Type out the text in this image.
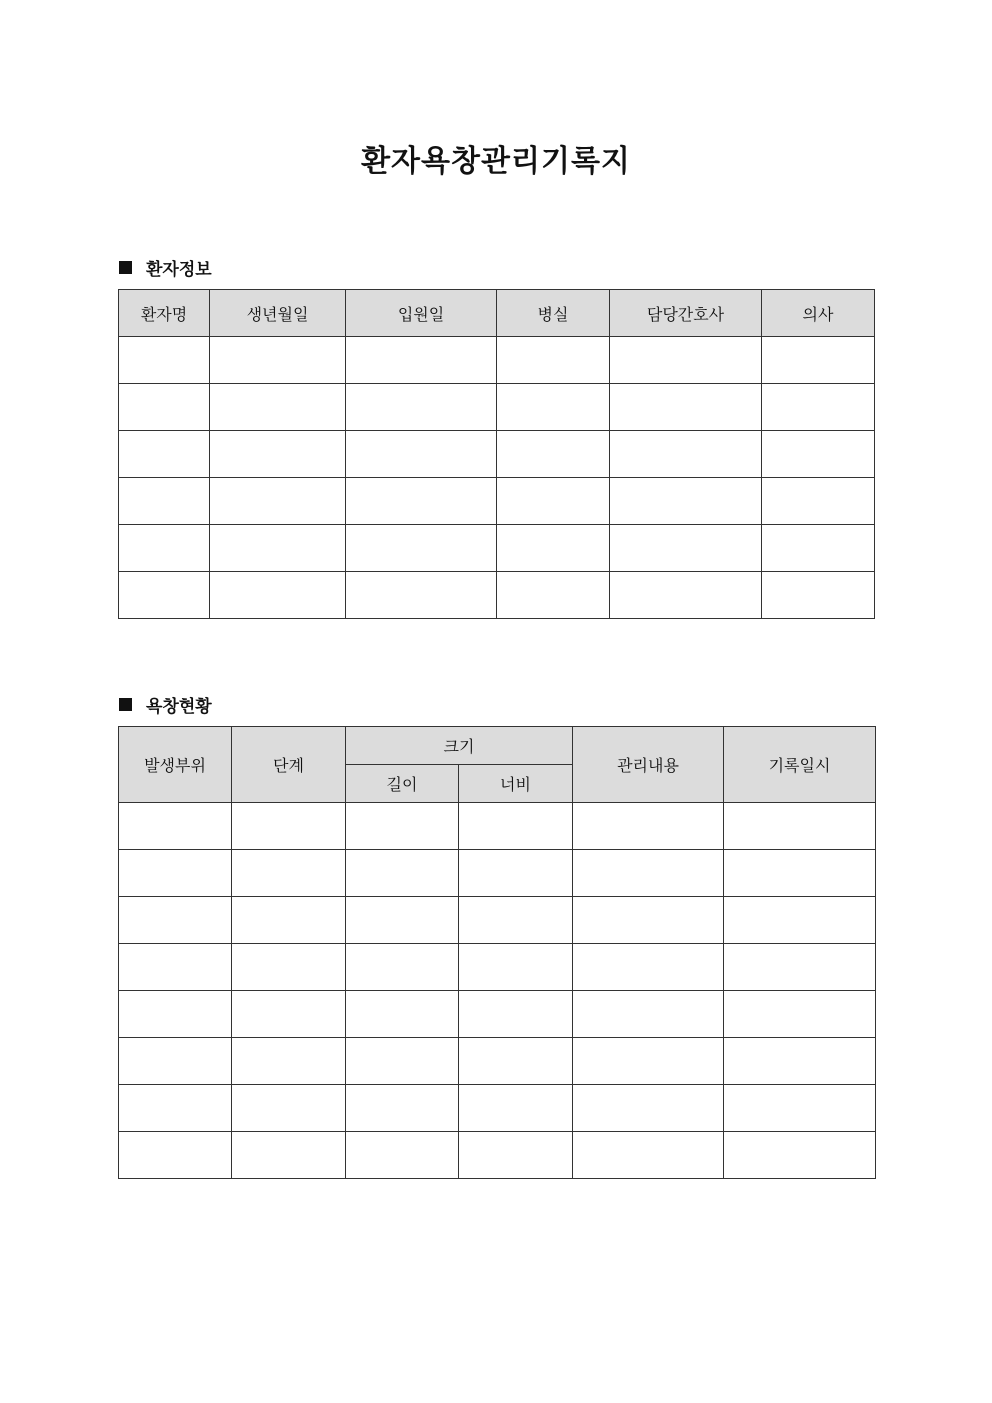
환자욕창관리기록지
환자정보
환자명	생년월일	입원일	병실	담당간호사	의사

욕창현황
발생부위	단계	크기		관리내용	기록일시
		길이	너비		
